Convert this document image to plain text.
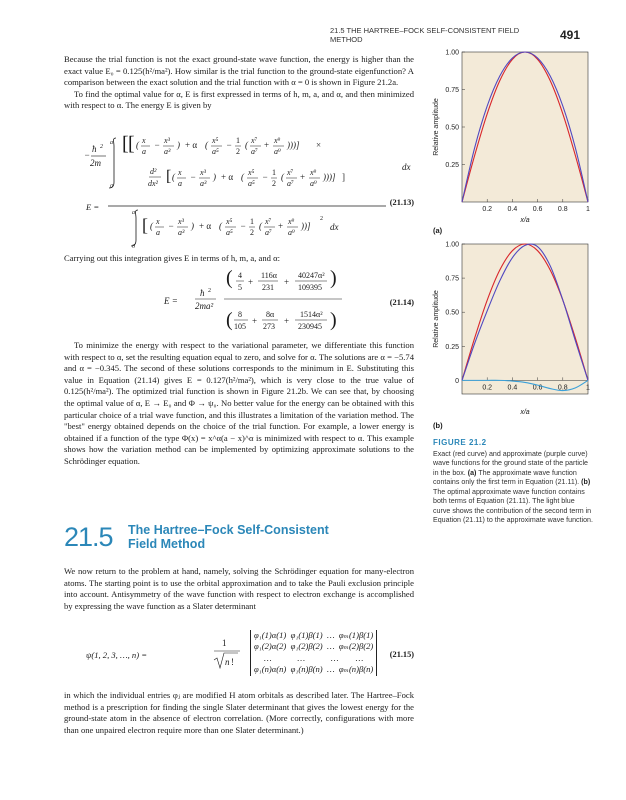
21.5 THE HARTREE–FOCK SELF-CONSISTENT FIELD METHOD	491

Because the trial function is not the exact ground-state wave function, the energy is higher than the exact value E₀ = 0.125(h²/ma²). How similar is the trial function to the ground-state eigenfunction? A comparison between the exact solution and the trial function with α = 0 is shown in Figure 21.2a.

To find the optimal value for α, E is first expressed in terms of h, m, a, and α, and then minimized with respect to α. The energy E is given by

E =
−
ħ 2
2m
a
0
[ [ ( x
a
− x³
a³
) + α ( x⁵
a⁵
− 1
2
( x⁷
a⁷
+ x⁹
a⁹
)))] ×
d²
dx² [ ( x
a
− x³
a³
) + α ( x⁵
a⁵
− 1
2
( x⁷
a⁷
+ x⁹
a⁹
)))] ]
dx
a
0
[ ( x
a
− x³
a³
) + α ( x⁵
a⁵
− 1
2
( x⁷
a⁷
+ x⁹
a⁹
))]
2
dx
(21.13)

Carrying out this integration gives E in terms of h, m, a, and α:

E =
ħ 2
2ma²
( 4
5
+
116α
231
+
40247α²
109395 )
( 8
105
+
8α
273
+
1514α²
230945 )
(21.14)

To minimize the energy with respect to the variational parameter, we differentiate this function with respect to α, set the resulting equation equal to zero, and solve for α. The solutions are α = −5.74 and α = −0.345. The second of these solutions corresponds to the minimum in E. Substituting this value in Equation (21.14) gives E = 0.127(h²/ma²), which is very close to the true value of 0.125(h²/ma²). The optimized trial function is shown in Figure 21.2b. We can see that, by choosing the optimal value of α, E → E₀ and Φ → ψ₀. No better value for the energy can be obtained with this particular choice of a trial wave function, and this illustrates a limitation of the variation method. The "best" energy obtained depends on the choice of the trial function. For example, a lower energy is obtained if a function of the type Φ(x) = x^α(a − x)^α is minimized with respect to α. This example shows how the variation method can be implemented by optimizing approximate solutions to the Schrödinger equation.

21.5 The Hartree–Fock Self-Consistent Field Method

We now return to the problem at hand, namely, solving the Schrödinger equation for many-electron atoms. The starting point is to use the orbital approximation and to take the Pauli exclusion principle into account. Antisymmetry of the wave function with respect to electron exchange is accomplished by expressing the wave function as a Slater determinant

ψ(1, 2, 3, …, n) =
1
n !
φ₁(1)α(1) φ₁(1)β(1) … φₘ(1)β(1)
φ₁(2)α(2) φ₁(2)β(2) … φₘ(2)β(2)
…	…	… …
φ₁(n)α(n) φ₁(n)β(n) … φₘ(n)β(n)
(21.15)

in which the individual entries φⱼ are modified H atom orbitals as described later. The Hartree–Fock method is a prescription for finding the single Slater determinant that gives the lowest energy for the ground-state atom in the absence of electron correlation. (More correctly, configurations with more than one unpaired electron require more than one Slater determinant.)

0.2 0.4 0.6 0.8	1
0.25
0.50
0.75
1.00
x/a
Relative amplitude
(a)
0.2 0.4 0.6 0.8	1
0
0.25
0.50
0.75
1.00
x/a
Relative amplitude
(b)
FIGURE 21.2
Exact (red curve) and approximate (purple curve) wave functions for the ground state of the particle in the box. (a) The approximate wave function contains only the first term in Equation (21.11). (b) The optimal approximate wave function contains both terms of Equation (21.11). The light blue curve shows the contribution of the second term in Equation (21.11) to the approximate wave function.
